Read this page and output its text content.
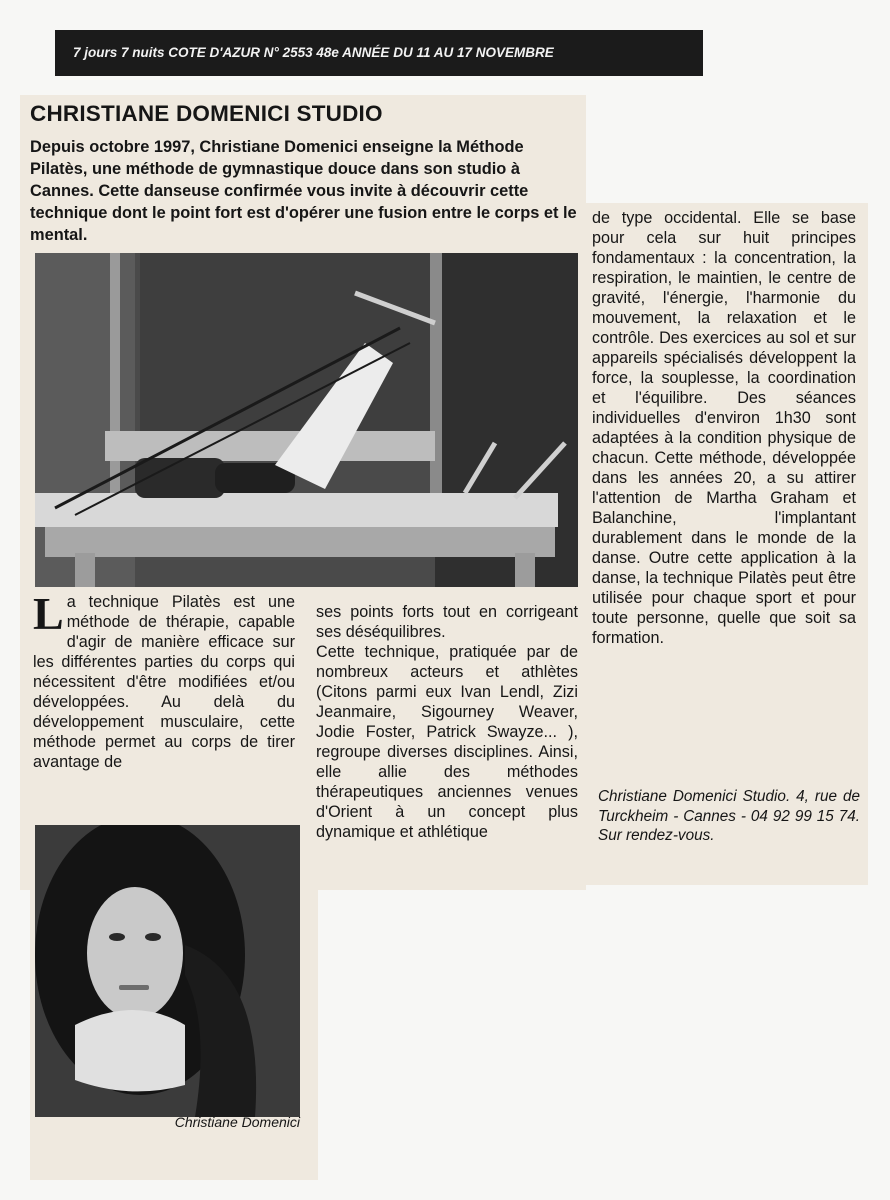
7 jours 7 nuits COTE D'AZUR N° 2553 48e ANNÉE DU 11 AU 17 NOVEMBRE
CHRISTIANE DOMENICI STUDIO

Depuis octobre 1997, Christiane Domenici enseigne la Méthode Pilatès, une méthode de gymnastique douce dans son studio à Cannes. Cette danseuse confirmée vous invite à découvrir cette technique dont le point fort est d'opérer une fusion entre le corps et le mental.

La technique Pilatès est une méthode de thérapie, capable d'agir de manière efficace sur les différentes parties du corps qui nécessitent d'être modifiées et/ou développées. Au delà du développement musculaire, cette méthode permet au corps de tirer avantage de

ses points forts tout en corrigeant ses déséquilibres.

Cette technique, pratiquée par de nombreux acteurs et athlètes (Citons parmi eux Ivan Lendl, Zizi Jeanmaire, Sigourney Weaver, Jodie Foster, Patrick Swayze... ), regroupe diverses disciplines. Ainsi, elle allie des méthodes thérapeutiques anciennes venues d'Orient à un concept plus dynamique et athlétique

de type occidental. Elle se base pour cela sur huit principes fondamentaux : la concentration, la respiration, le maintien, le centre de gravité, l'énergie, l'harmonie du mouvement, la relaxation et le contrôle. Des exercices au sol et sur appareils spécialisés développent la force, la souplesse, la coordination et l'équilibre. Des séances individuelles d'environ 1h30 sont adaptées à la condition physique de chacun. Cette méthode, développée dans les années 20, a su attirer l'attention de Martha Graham et Balanchine, l'implantant durablement dans le monde de la danse. Outre cette application à la danse, la technique Pilatès peut être utilisée pour chaque sport et pour toute personne, quelle que soit sa formation.

Christiane Domenici Studio. 4, rue de Turckheim - Cannes - 04 92 99 15 74. Sur rendez-vous.

Christiane Domenici
